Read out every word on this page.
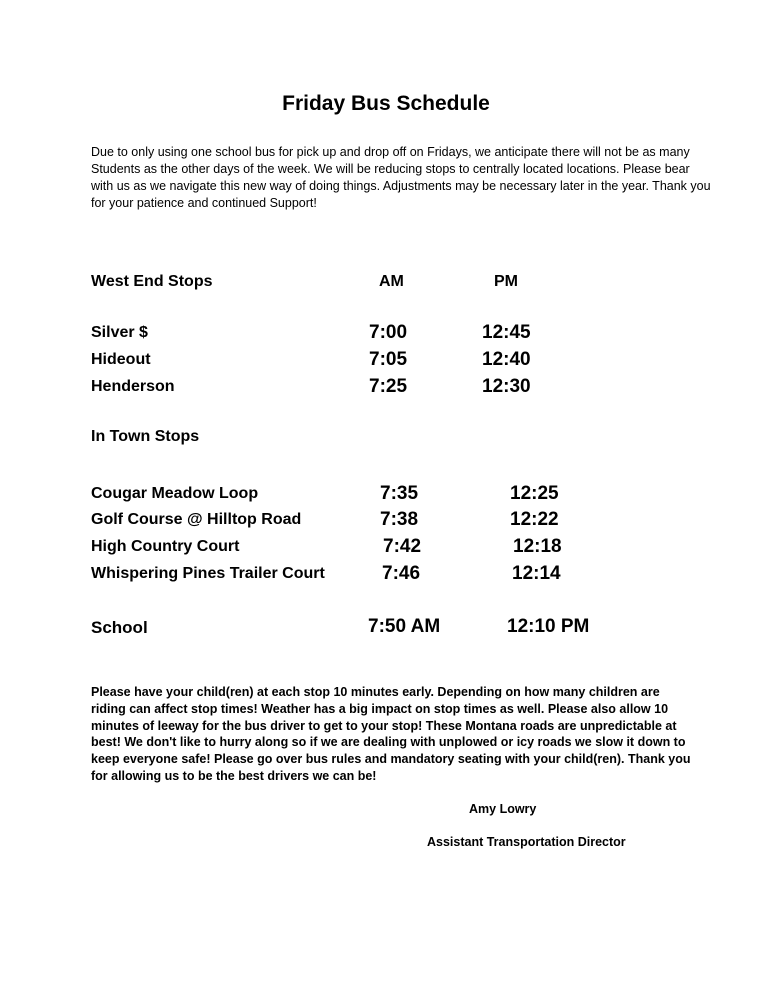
Friday Bus Schedule
Due to only using one school bus for pick up and drop off on Fridays, we anticipate there will not be as many Students as the other days of the week. We will be reducing stops to centrally located locations. Please bear with us as we navigate this new way of doing things. Adjustments may be necessary later in the year. Thank you for your patience and continued Support!
West End Stops	AM	PM
Silver $	7:00	12:45
Hideout	7:05	12:40
Henderson	7:25	12:30
In Town Stops
Cougar Meadow Loop	7:35	12:25
Golf Course @ Hilltop Road	7:38	12:22
High Country Court	7:42	12:18
Whispering Pines Trailer Court	7:46	12:14
School	7:50 AM	12:10 PM
Please have your child(ren) at each stop 10 minutes early. Depending on how many children are riding can affect stop times! Weather has a big impact on stop times as well. Please also allow 10 minutes of leeway for the bus driver to get to your stop! These Montana roads are unpredictable at best! We don't like to hurry along so if we are dealing with unplowed or icy roads we slow it down to keep everyone safe! Please go over bus rules and mandatory seating with your child(ren). Thank you for allowing us to be the best drivers we can be!
Amy Lowry
Assistant Transportation Director
